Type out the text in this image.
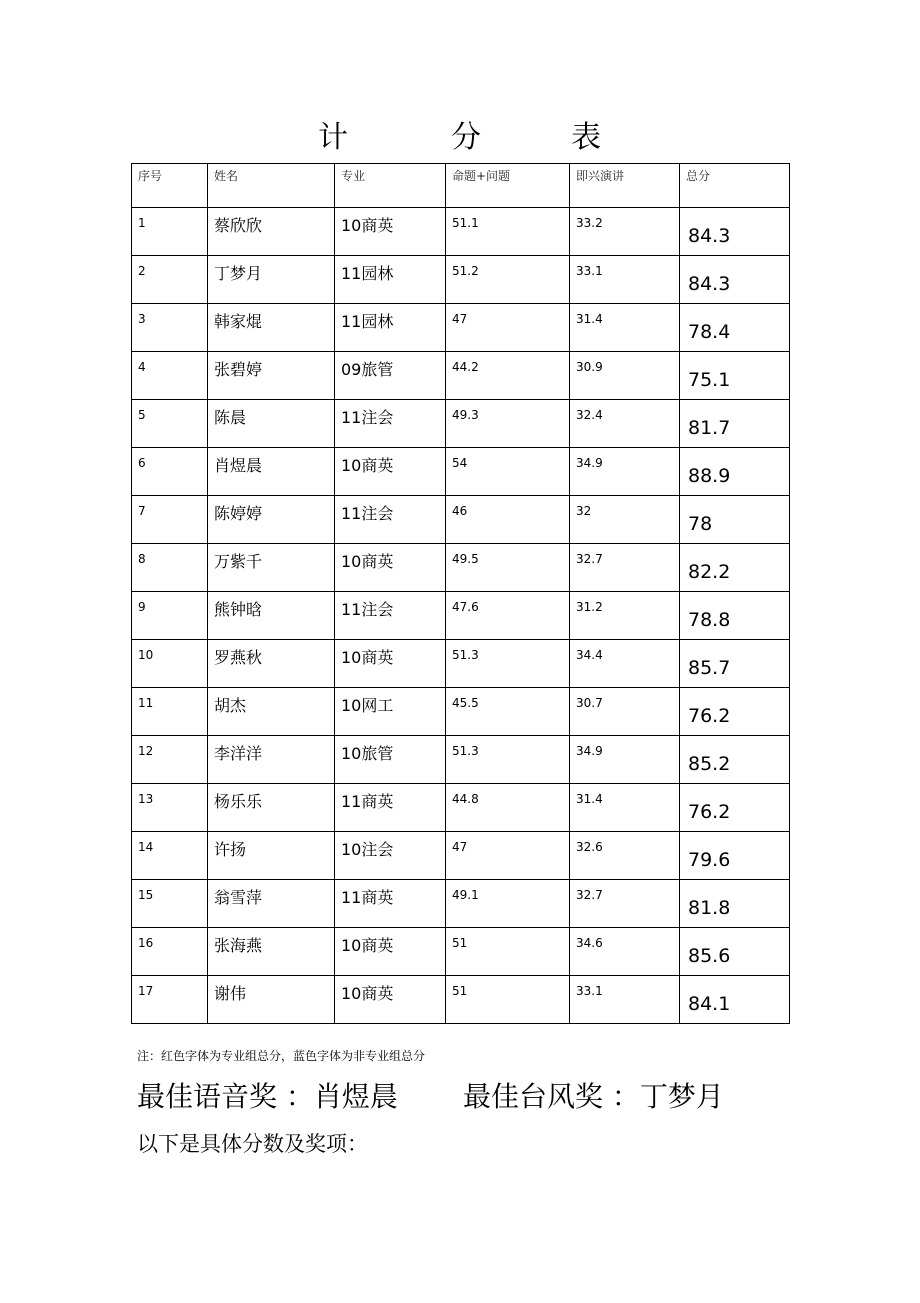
计	分	表
序号	姓名	专业	命题+问题	即兴演讲	总分

1	蔡欣欣	10商英	51.1	33.2	84.3

2	丁梦月	11园林	51.2	33.1	84.3

3	韩家焜	11园林	47	31.4	78.4

4	张碧婷	09旅管	44.2	30.9	75.1

5	陈晨	11注会	49.3	32.4	81.7

6	肖煜晨	10商英	54	34.9	88.9

7	陈婷婷	11注会	46	32	78

8	万紫千	10商英	49.5	32.7	82.2

9	熊钟晗	11注会	47.6	31.2	78.8

10	罗燕秋	10商英	51.3	34.4	85.7

11	胡杰	10网工	45.5	30.7	76.2

12	李洋洋	10旅管	51.3	34.9	85.2

13	杨乐乐	11商英	44.8	31.4	76.2

14	许扬	10注会	47	32.6	79.6

15	翁雪萍	11商英	49.1	32.7	81.8

16	张海燕	10商英	51	34.6	85.6

17	谢伟	10商英	51	33.1	84.1
注：红色字体为专业组总分，蓝色字体为非专业组总分
最佳语音奖 ：肖煜晨 最佳台风奖 ：丁梦月
以下是具体分数及奖项：
